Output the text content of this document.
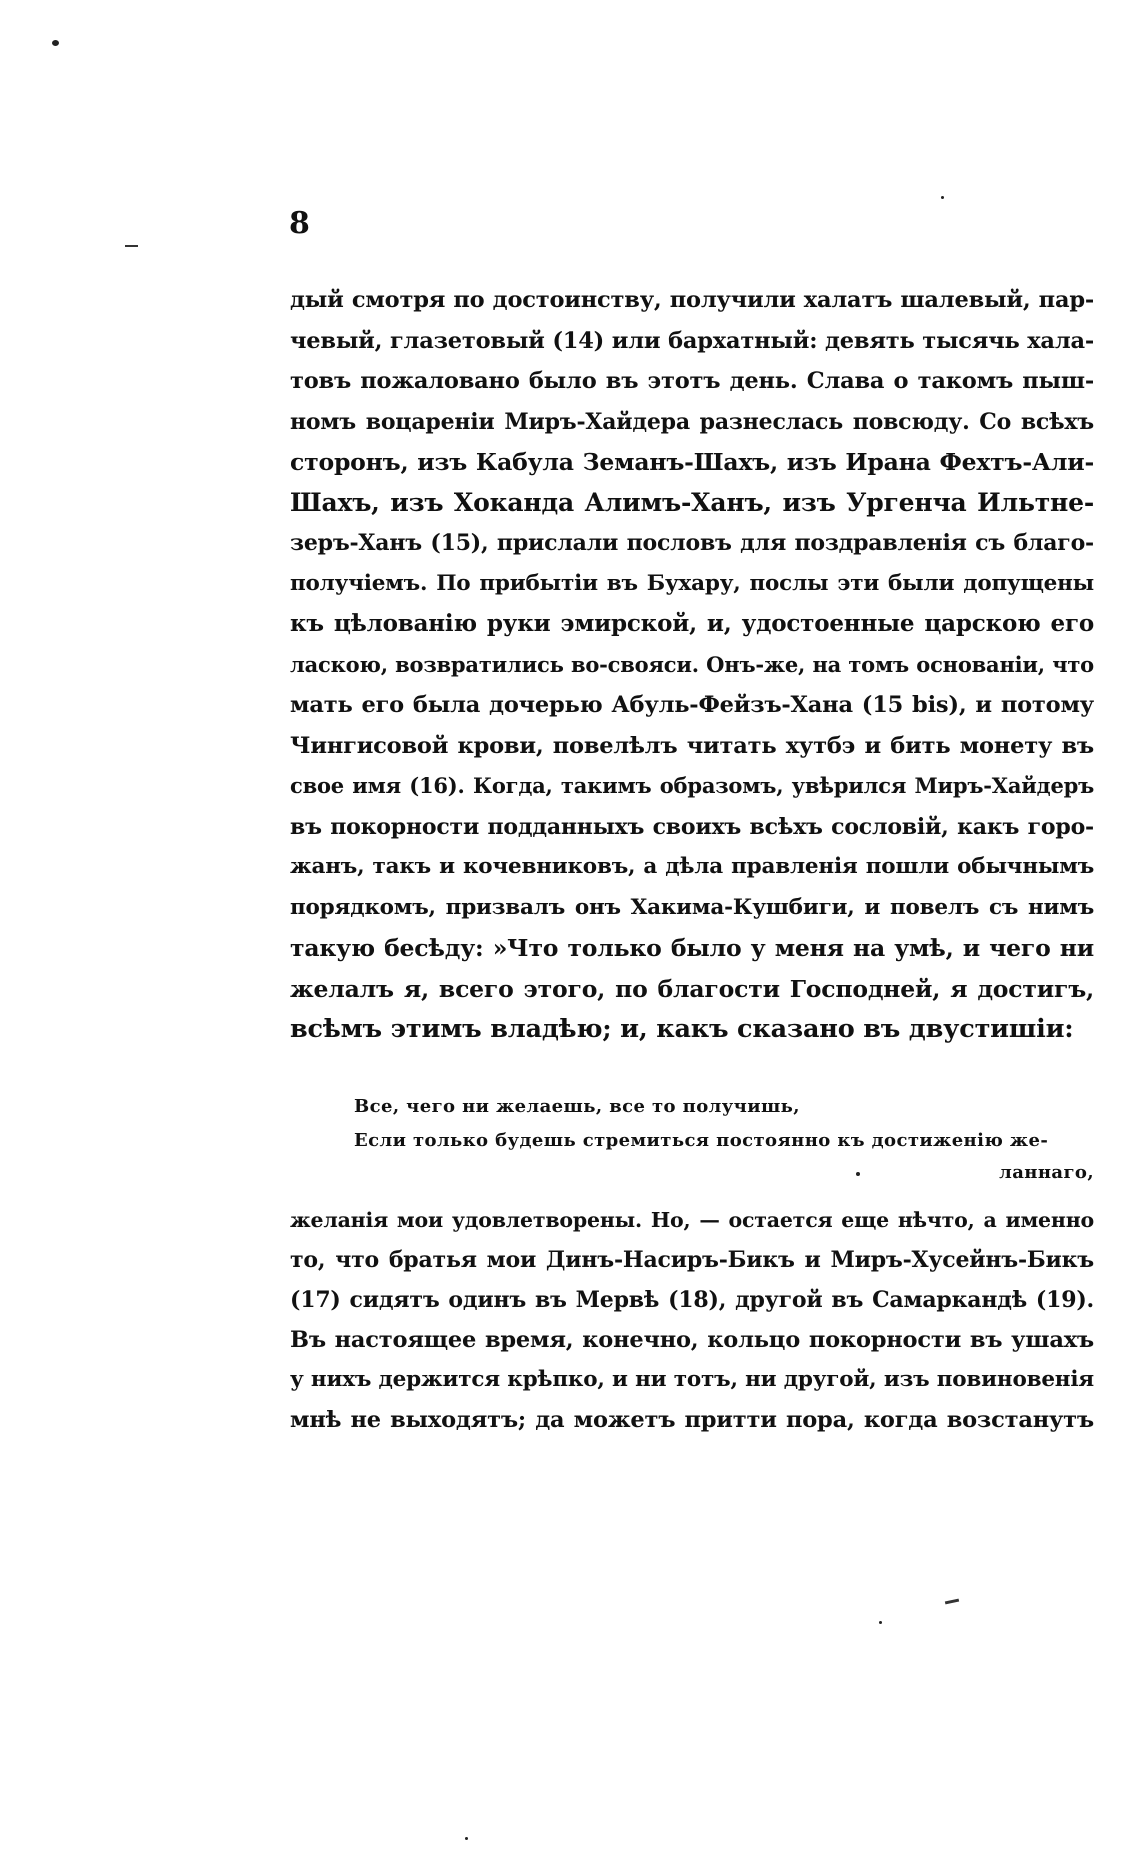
8
дый смотря по достоинству, получили халатъ шалевый, пар-
чевый, глазетовый (14) или бархатный: девять тысячь хала-
товъ пожаловано было въ этотъ день. Слава о такомъ пыш-
номъ воцареніи Миръ-Хайдера разнеслась повсюду. Со всѣхъ
сторонъ, изъ Кабула Земанъ-Шахъ, изъ Ирана Фехтъ-Али-
Шахъ, изъ Хоканда Алимъ-Ханъ, изъ Ургенча Ильтне-
зеръ-Ханъ (15), прислали пословъ для поздравленія съ благо-
получіемъ. По прибытіи въ Бухару, послы эти были допущены
къ цѣлованію руки эмирской, и, удостоенные царскою его
ласкою, возвратились во-свояси. Онъ-же, на томъ основаніи, что
мать его была дочерью Абуль-Фейзъ-Хана (15 bis), и потому
Чингисовой крови, повелѣлъ читать хутбэ и бить монету въ
свое имя (16). Когда, такимъ образомъ, увѣрился Миръ-Хайдеръ
въ покорности подданныхъ своихъ всѣхъ сословій, какъ горо-
жанъ, такъ и кочевниковъ, а дѣла правленія пошли обычнымъ
порядкомъ, призвалъ онъ Хакима-Кушбиги, и повелъ съ нимъ
такую бесѣду: »Что только было у меня на умѣ, и чего ни
желалъ я, всего этого, по благости Господней, я достигъ,
всѣмъ этимъ владѣю; и, какъ сказано въ двустишіи:
Все, чего ни желаешь, все то получишь,
Если только будешь стремиться постоянно къ достиженію же-
ланнаго,
желанія мои удовлетворены. Но, — остается еще нѣчто, а именно
то, что братья мои Динъ-Насиръ-Бикъ и Миръ-Хусейнъ-Бикъ
(17) сидятъ одинъ въ Мервѣ (18), другой въ Самаркандѣ (19).
Въ настоящее время, конечно, кольцо покорности въ ушахъ
у нихъ держится крѣпко, и ни тотъ, ни другой, изъ повиновенія
мнѣ не выходятъ; да можетъ притти пора, когда возстанутъ
